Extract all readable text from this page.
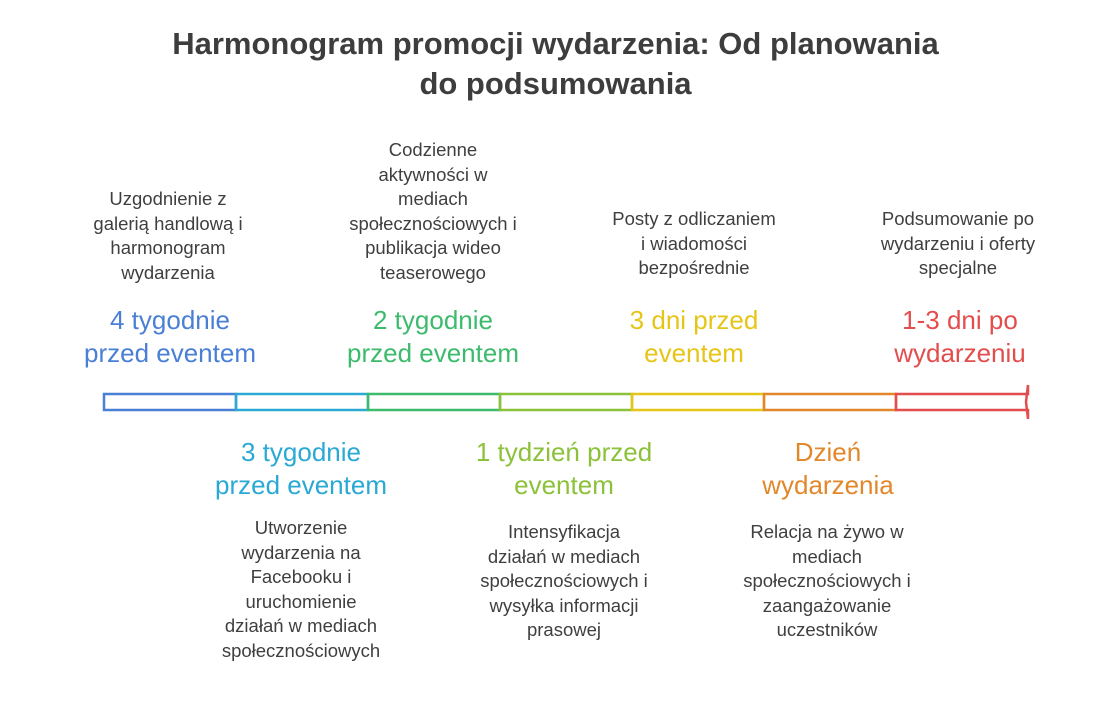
Harmonogram promocji wydarzenia: Od planowania
do podsumowania
Uzgodnienie z
galerią handlową i
harmonogram
wydarzenia
4 tygodnie
przed eventem
3 tygodnie
przed eventem
Utworzenie
wydarzenia na
Facebooku i
uruchomienie
działań w mediach
społecznościowych
Codzienne
aktywności w
mediach
społecznościowych i
publikacja wideo
teaserowego
2 tygodnie
przed eventem
1 tydzień przed
eventem
Intensyfikacja
działań w mediach
społecznościowych i
wysyłka informacji
prasowej
Posty z odliczaniem
i wiadomości
bezpośrednie
3 dni przed
eventem
Dzień
wydarzenia
Relacja na żywo w
mediach
społecznościowych i
zaangażowanie
uczestników
Podsumowanie po
wydarzeniu i oferty
specjalne
1-3 dni po
wydarzeniu
